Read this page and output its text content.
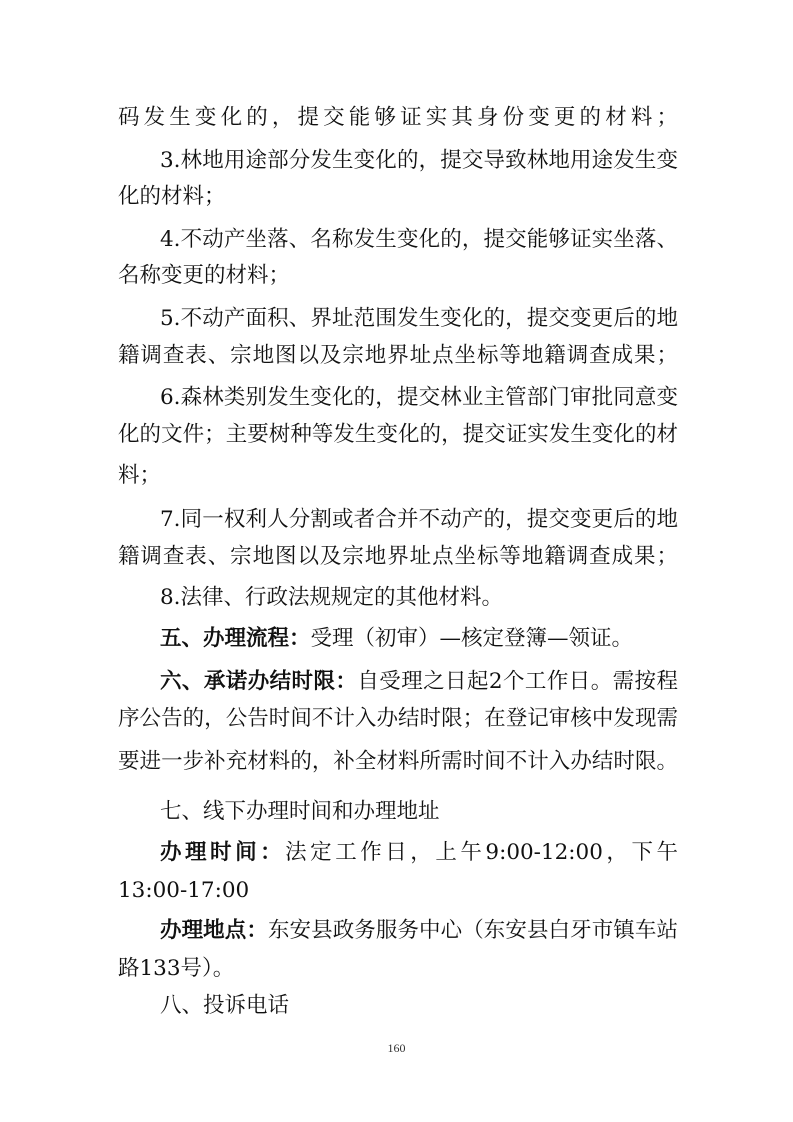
码发生变化的，提交能够证实其身份变更的材料；
3.林地用途部分发生变化的，提交导致林地用途发生变
化的材料；
4.不动产坐落、名称发生变化的，提交能够证实坐落、
名称变更的材料；
5.不动产面积、界址范围发生变化的，提交变更后的地
籍调查表、宗地图以及宗地界址点坐标等地籍调查成果；
6.森林类别发生变化的，提交林业主管部门审批同意变
化的文件；主要树种等发生变化的，提交证实发生变化的材
料；
7.同一权利人分割或者合并不动产的，提交变更后的地
籍调查表、宗地图以及宗地界址点坐标等地籍调查成果；
8.法律、行政法规规定的其他材料。
五、办理流程：受理（初审）—核定登簿—领证。
六、承诺办结时限：自受理之日起2个工作日。需按程
序公告的，公告时间不计入办结时限；在登记审核中发现需
要进一步补充材料的，补全材料所需时间不计入办结时限。
七、线下办理时间和办理地址
办理时间：法定工作日，上午9:00-12:00，下午
13:00-17:00
办理地点：东安县政务服务中心（东安县白牙市镇车站
路133号）。
八、投诉电话
160
